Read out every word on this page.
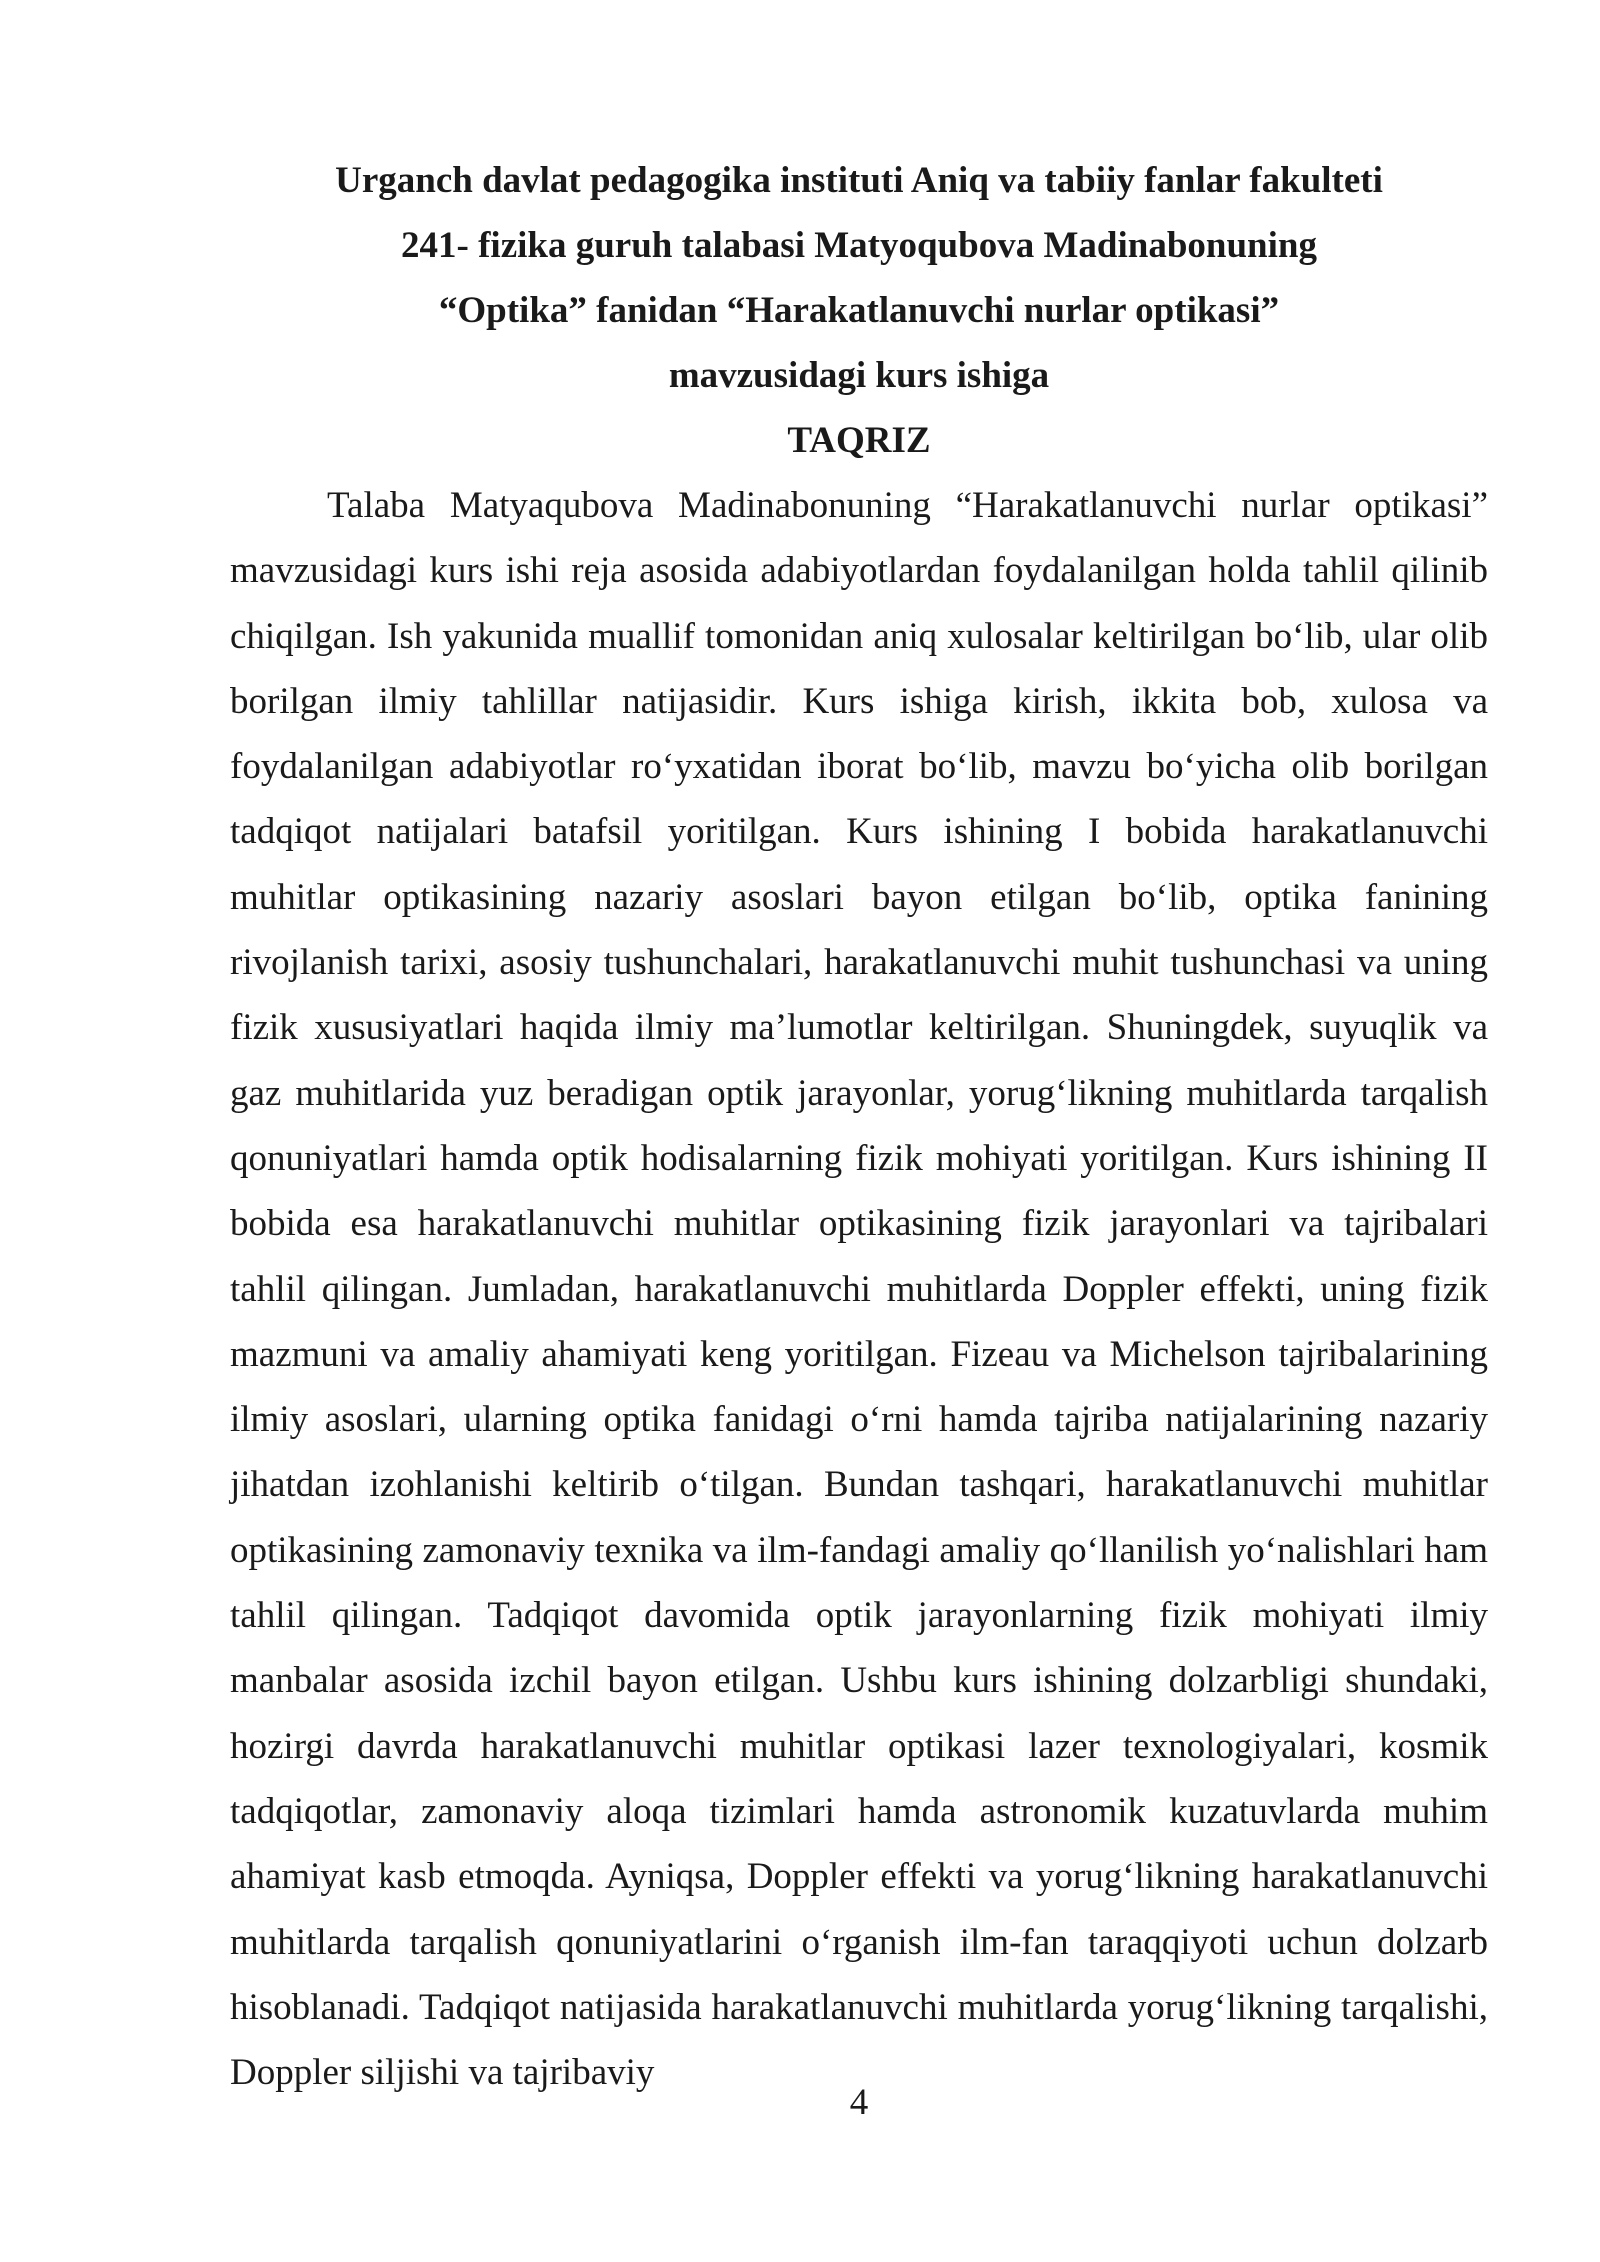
Urganch davlat pedagogika instituti Aniq va tabiiy fanlar fakulteti

241- fizika guruh talabasi Matyoqubova Madinabonuning

“Optika” fanidan “Harakatlanuvchi nurlar optikasi”

mavzusidagi kurs ishiga

TAQRIZ

Talaba Matyaqubova Madinabonuning “Harakatlanuvchi nurlar optikasi” mavzusidagi kurs ishi reja asosida adabiyotlardan foydalanilgan holda tahlil qilinib chiqilgan. Ish yakunida muallif tomonidan aniq xulosalar keltirilgan bo‘lib, ular olib borilgan ilmiy tahlillar natijasidir. Kurs ishiga kirish, ikkita bob, xulosa va foydalanilgan adabiyotlar ro‘yxatidan iborat bo‘lib, mavzu bo‘yicha olib borilgan tadqiqot natijalari batafsil yoritilgan. Kurs ishining I bobida harakatlanuvchi muhitlar optikasining nazariy asoslari bayon etilgan bo‘lib, optika fanining rivojlanish tarixi, asosiy tushunchalari, harakatlanuvchi muhit tushunchasi va uning fizik xususiyatlari haqida ilmiy ma’lumotlar keltirilgan. Shuningdek, suyuqlik va gaz muhitlarida yuz beradigan optik jarayonlar, yorug‘likning muhitlarda tarqalish qonuniyatlari hamda optik hodisalarning fizik mohiyati yoritilgan. Kurs ishining II bobida esa harakatlanuvchi muhitlar optikasining fizik jarayonlari va tajribalari tahlil qilingan. Jumladan, harakatlanuvchi muhitlarda Doppler effekti, uning fizik mazmuni va amaliy ahamiyati keng yoritilgan. Fizeau va Michelson tajribalarining ilmiy asoslari, ularning optika fanidagi o‘rni hamda tajriba natijalarining nazariy jihatdan izohlanishi keltirib o‘tilgan. Bundan tashqari, harakatlanuvchi muhitlar optikasining zamonaviy texnika va ilm-fandagi amaliy qo‘llanilish yo‘nalishlari ham tahlil qilingan. Tadqiqot davomida optik jarayonlarning fizik mohiyati ilmiy manbalar asosida izchil bayon etilgan. Ushbu kurs ishining dolzarbligi shundaki, hozirgi davrda harakatlanuvchi muhitlar optikasi lazer texnologiyalari, kosmik tadqiqotlar, zamonaviy aloqa tizimlari hamda astronomik kuzatuvlarda muhim ahamiyat kasb etmoqda. Ayniqsa, Doppler effekti va yorug‘likning harakatlanuvchi muhitlarda tarqalish qonuniyatlarini o‘rganish ilm-fan taraqqiyoti uchun dolzarb hisoblanadi. Tadqiqot natijasida harakatlanuvchi muhitlarda yorug‘likning tarqalishi, Doppler siljishi va tajribaviy

4
